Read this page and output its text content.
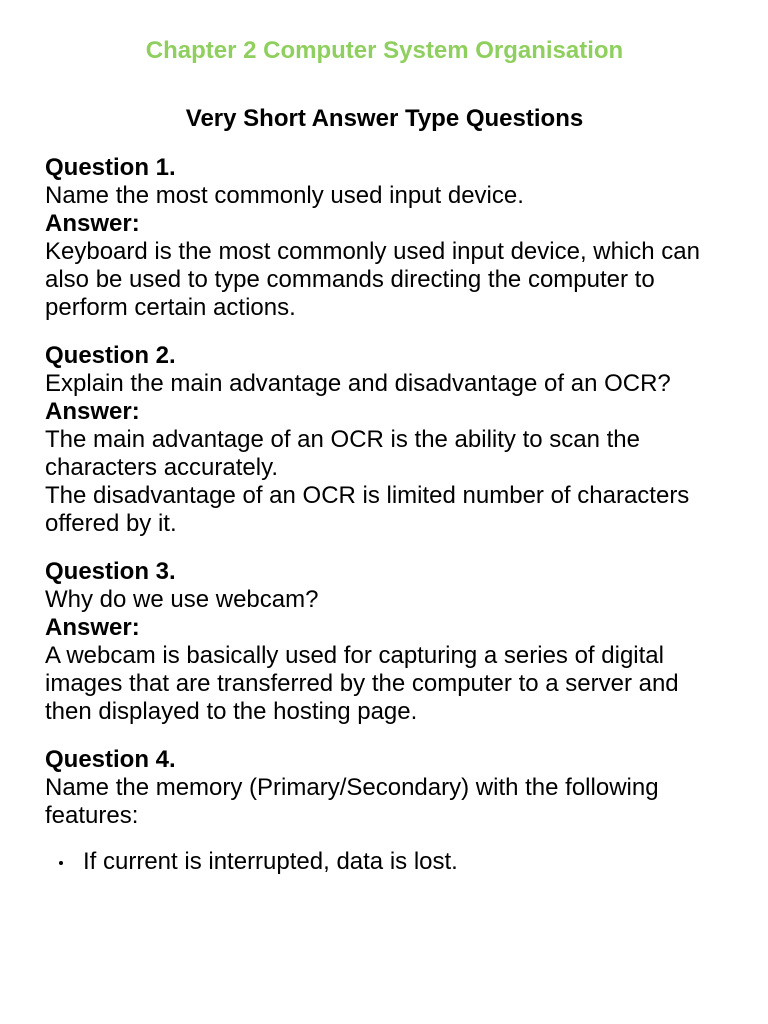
Chapter 2 Computer System Organisation
Very Short Answer Type Questions

Question 1.

Name the most commonly used input device.

Answer:

Keyboard is the most commonly used input device, which can also be used to type commands directing the computer to perform certain actions.

Question 2.

Explain the main advantage and disadvantage of an OCR?

Answer:

The main advantage of an OCR is the ability to scan the characters accurately.

The disadvantage of an OCR is limited number of characters offered by it.

Question 3.

Why do we use webcam?

Answer:

A webcam is basically used for capturing a series of digital images that are transferred by the computer to a server and then displayed to the hosting page.

Question 4.

Name the memory (Primary/Secondary) with the following features:

If current is interrupted, data is lost.
